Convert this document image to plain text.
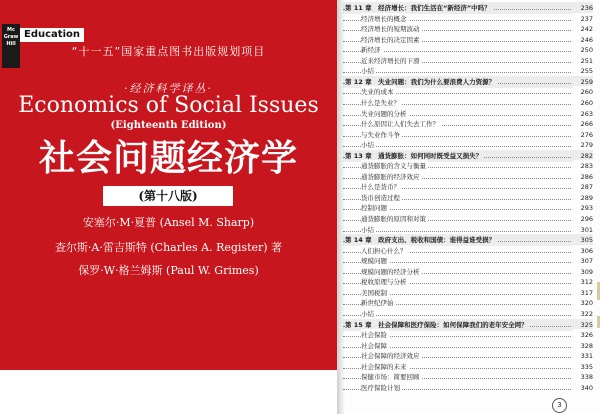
Mc
Graw
Hill
Education
“十一五”国家重点图书出版规划项目
·经济科学译丛·
Economics of Social Issues
(Eighteenth Edition)
社会问题经济学
(第十八版)
安塞尔·M·夏普 (Ansel M. Sharp)
查尔斯·A·雷吉斯特 (Charles A. Register) 著
保罗·W·格兰姆斯 (Paul W. Grimes)
第 11 章　经济增长：我们生活在“新经济”中吗？	236
经济增长的概念	237
经济增长的短期波动	242
经济增长的决定因素	246
新经济	250
近来经济增长的下滑	251
小结	255
第 12 章　失业问题：我们为什么要浪费人力资源？	259
失业的成本	260
什么是失业？	260
失业问题的分析	263
什么原因让人们失去工作？	266
与失业作斗争	276
小结	279
第 13 章　通货膨胀：如何同时既受益又损失？	282
通货膨胀的含义与衡量	283
通货膨胀的经济效应	286
什么是货币？	287
货币创造过程	289
控制问题	293
通货膨胀的原因和对策	296
小结	301
第 14 章　政府支出、税收和国债：谁得益谁受损？	305
人们担心什么？	306
规模问题	307
规模问题的经济分析	309
税收原理与分析	312
美国税制	317
新世纪伊始	320
小结	322
第 15 章　社会保障和医疗保险：如何保障我们的老年安全网？	325
社会保险	326
社会保障	328
社会保障的经济效应	331
社会保障的未来	335
保健市场：简要回顾	338
医疗保险计划	340
3
